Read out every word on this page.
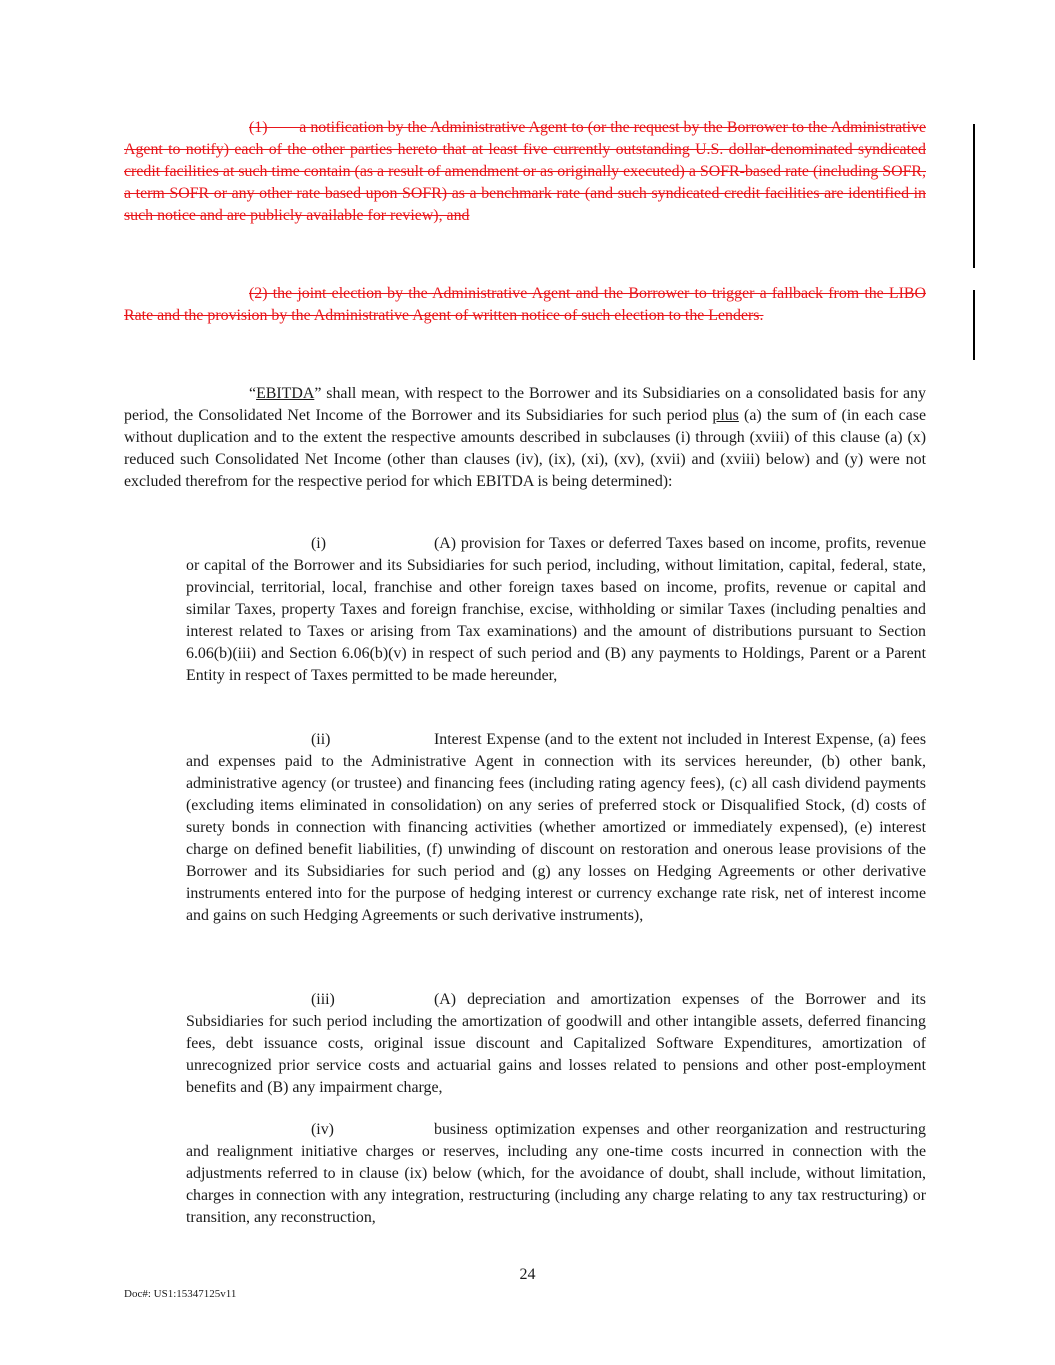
(1)  a notification by the Administrative Agent to (or the request by the Borrower to the Administrative Agent to notify) each of the other parties hereto that at least five currently outstanding U.S. dollar-denominated syndicated credit facilities at such time contain (as a result of amendment or as originally executed) a SOFR-based rate (including SOFR, a term SOFR or any other rate based upon SOFR) as a benchmark rate (and such syndicated credit facilities are identified in such notice and are publicly available for review), and

(2) the joint election by the Administrative Agent and the Borrower to trigger a fallback from the LIBO Rate and the provision by the Administrative Agent of written notice of such election to the Lenders.

“EBITDA” shall mean, with respect to the Borrower and its Subsidiaries on a consolidated basis for any period, the Consolidated Net Income of the Borrower and its Subsidiaries for such period plus (a) the sum of (in each case without duplication and to the extent the respective amounts described in subclauses (i) through (xviii) of this clause (a) (x) reduced such Consolidated Net Income (other than clauses (iv), (ix), (xi), (xv), (xvii) and (xviii) below) and (y) were not excluded therefrom for the respective period for which EBITDA is being determined):

(i)	(A) provision for Taxes or deferred Taxes based on income, profits, revenue or capital of the Borrower and its Subsidiaries for such period, including, without limitation, capital, federal, state, provincial, territorial, local, franchise and other foreign taxes based on income, profits, revenue or capital and similar Taxes, property Taxes and foreign franchise, excise, withholding or similar Taxes (including penalties and interest related to Taxes or arising from Tax examinations) and the amount of distributions pursuant to Section 6.06(b)(iii) and Section 6.06(b)(v) in respect of such period and (B) any payments to Holdings, Parent or a Parent Entity in respect of Taxes permitted to be made hereunder,

(ii)	Interest Expense (and to the extent not included in Interest Expense, (a) fees and expenses paid to the Administrative Agent in connection with its services hereunder, (b) other bank, administrative agency (or trustee) and financing fees (including rating agency fees), (c) all cash dividend payments (excluding items eliminated in consolidation) on any series of preferred stock or Disqualified Stock, (d) costs of surety bonds in connection with financing activities (whether amortized or immediately expensed), (e) interest charge on defined benefit liabilities, (f) unwinding of discount on restoration and onerous lease provisions of the Borrower and its Subsidiaries for such period and (g) any losses on Hedging Agreements or other derivative instruments entered into for the purpose of hedging interest or currency exchange rate risk, net of interest income and gains on such Hedging Agreements or such derivative instruments),

(iii)	(A) depreciation and amortization expenses of the Borrower and its Subsidiaries for such period including the amortization of goodwill and other intangible assets, deferred financing fees, debt issuance costs, original issue discount and Capitalized Software Expenditures, amortization of unrecognized prior service costs and actuarial gains and losses related to pensions and other post-employment benefits and (B) any impairment charge,

(iv)	business optimization expenses and other reorganization and restructuring and realignment initiative charges or reserves, including any one-time costs incurred in connection with the adjustments referred to in clause (ix) below (which, for the avoidance of doubt, shall include, without limitation, charges in connection with any integration, restructuring (including any charge relating to any tax restructuring) or transition, any reconstruction,

24
Doc#: US1:15347125v11
